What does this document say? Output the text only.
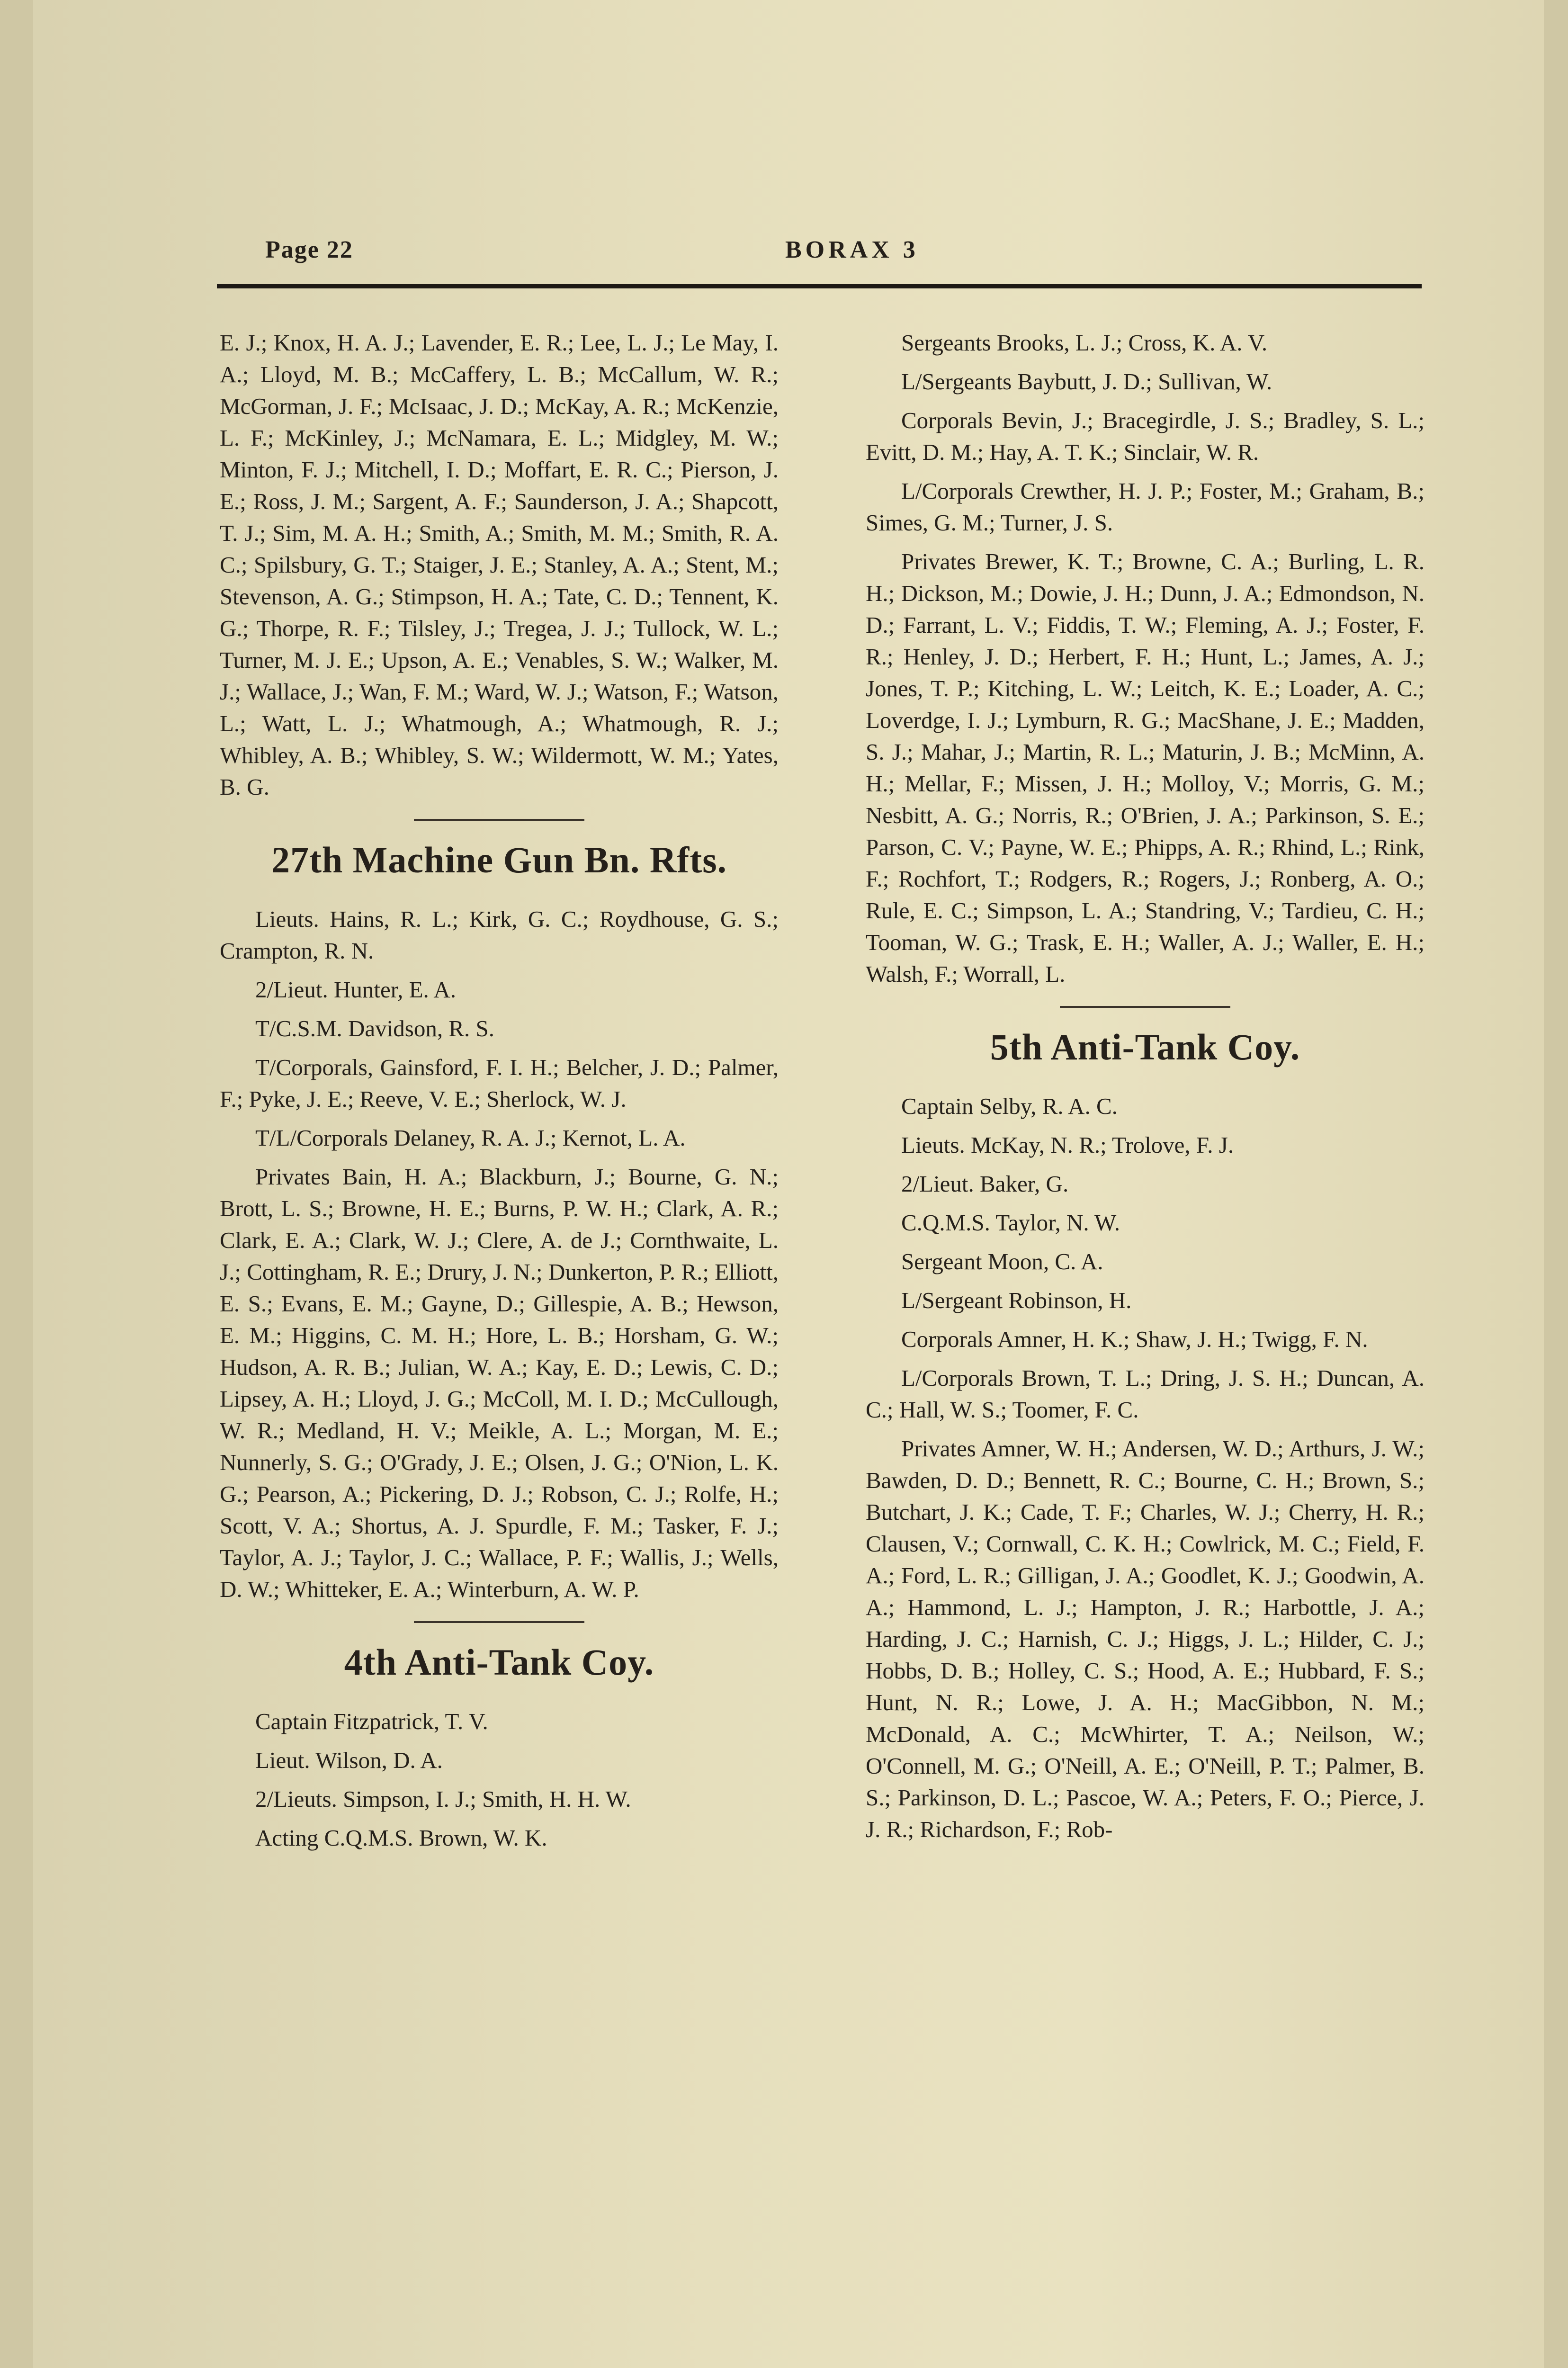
Page 22	BORAX 3

E. J.; Knox, H. A. J.; Lavender, E. R.; Lee, L. J.; Le May, I. A.; Lloyd, M. B.; McCaffery, L. B.; McCallum, W. R.; McGorman, J. F.; McIsaac, J. D.; McKay, A. R.; McKenzie, L. F.; McKinley, J.; McNamara, E. L.; Midgley, M. W.; Minton, F. J.; Mitchell, I. D.; Moffart, E. R. C.; Pierson, J. E.; Ross, J. M.; Sargent, A. F.; Saunderson, J. A.; Shapcott, T. J.; Sim, M. A. H.; Smith, A.; Smith, M. M.; Smith, R. A. C.; Spilsbury, G. T.; Staiger, J. E.; Stanley, A. A.; Stent, M.; Stevenson, A. G.; Stimpson, H. A.; Tate, C. D.; Tennent, K. G.; Thorpe, R. F.; Tilsley, J.; Tregea, J. J.; Tullock, W. L.; Turner, M. J. E.; Upson, A. E.; Venables, S. W.; Walker, M. J.; Wallace, J.; Wan, F. M.; Ward, W. J.; Watson, F.; Watson, L.; Watt, L. J.; Whatmough, A.; Whatmough, R. J.; Whibley, A. B.; Whibley, S. W.; Wildermott, W. M.; Yates, B. G.

27th Machine Gun Bn. Rfts.

Lieuts. Hains, R. L.; Kirk, G. C.; Roydhouse, G. S.; Crampton, R. N.

2/Lieut. Hunter, E. A.

T/C.S.M. Davidson, R. S.

T/Corporals, Gainsford, F. I. H.; Belcher, J. D.; Palmer, F.; Pyke, J. E.; Reeve, V. E.; Sherlock, W. J.

T/L/Corporals Delaney, R. A. J.; Kernot, L. A.

Privates Bain, H. A.; Blackburn, J.; Bourne, G. N.; Brott, L. S.; Browne, H. E.; Burns, P. W. H.; Clark, A. R.; Clark, E. A.; Clark, W. J.; Clere, A. de J.; Cornthwaite, L. J.; Cottingham, R. E.; Drury, J. N.; Dunkerton, P. R.; Elliott, E. S.; Evans, E. M.; Gayne, D.; Gillespie, A. B.; Hewson, E. M.; Higgins, C. M. H.; Hore, L. B.; Horsham, G. W.; Hudson, A. R. B.; Julian, W. A.; Kay, E. D.; Lewis, C. D.; Lipsey, A. H.; Lloyd, J. G.; McColl, M. I. D.; McCullough, W. R.; Medland, H. V.; Meikle, A. L.; Morgan, M. E.; Nunnerly, S. G.; O'Grady, J. E.; Olsen, J. G.; O'Nion, L. K. G.; Pearson, A.; Pickering, D. J.; Robson, C. J.; Rolfe, H.; Scott, V. A.; Shortus, A. J. Spurdle, F. M.; Tasker, F. J.; Taylor, A. J.; Taylor, J. C.; Wallace, P. F.; Wallis, J.; Wells, D. W.; Whitteker, E. A.; Winterburn, A. W. P.

4th Anti-Tank Coy.

Captain Fitzpatrick, T. V.

Lieut. Wilson, D. A.

2/Lieuts. Simpson, I. J.; Smith, H. H. W.

Acting C.Q.M.S. Brown, W. K.

Sergeants Brooks, L. J.; Cross, K. A. V.

L/Sergeants Baybutt, J. D.; Sullivan, W.

Corporals Bevin, J.; Bracegirdle, J. S.; Bradley, S. L.; Evitt, D. M.; Hay, A. T. K.; Sinclair, W. R.

L/Corporals Crewther, H. J. P.; Foster, M.; Graham, B.; Simes, G. M.; Turner, J. S.

Privates Brewer, K. T.; Browne, C. A.; Burling, L. R. H.; Dickson, M.; Dowie, J. H.; Dunn, J. A.; Edmondson, N. D.; Farrant, L. V.; Fiddis, T. W.; Fleming, A. J.; Foster, F. R.; Henley, J. D.; Herbert, F. H.; Hunt, L.; James, A. J.; Jones, T. P.; Kitching, L. W.; Leitch, K. E.; Loader, A. C.; Loverdge, I. J.; Lymburn, R. G.; MacShane, J. E.; Madden, S. J.; Mahar, J.; Martin, R. L.; Maturin, J. B.; McMinn, A. H.; Mellar, F.; Missen, J. H.; Molloy, V.; Morris, G. M.; Nesbitt, A. G.; Norris, R.; O'Brien, J. A.; Parkinson, S. E.; Parson, C. V.; Payne, W. E.; Phipps, A. R.; Rhind, L.; Rink, F.; Rochfort, T.; Rodgers, R.; Rogers, J.; Ronberg, A. O.; Rule, E. C.; Simpson, L. A.; Standring, V.; Tardieu, C. H.; Tooman, W. G.; Trask, E. H.; Waller, A. J.; Waller, E. H.; Walsh, F.; Worrall, L.

5th Anti-Tank Coy.

Captain Selby, R. A. C.

Lieuts. McKay, N. R.; Trolove, F. J.

2/Lieut. Baker, G.

C.Q.M.S. Taylor, N. W.

Sergeant Moon, C. A.

L/Sergeant Robinson, H.

Corporals Amner, H. K.; Shaw, J. H.; Twigg, F. N.

L/Corporals Brown, T. L.; Dring, J. S. H.; Duncan, A. C.; Hall, W. S.; Toomer, F. C.

Privates Amner, W. H.; Andersen, W. D.; Arthurs, J. W.; Bawden, D. D.; Bennett, R. C.; Bourne, C. H.; Brown, S.; Butchart, J. K.; Cade, T. F.; Charles, W. J.; Cherry, H. R.; Clausen, V.; Cornwall, C. K. H.; Cowlrick, M. C.; Field, F. A.; Ford, L. R.; Gilligan, J. A.; Goodlet, K. J.; Goodwin, A. A.; Hammond, L. J.; Hampton, J. R.; Harbottle, J. A.; Harding, J. C.; Harnish, C. J.; Higgs, J. L.; Hilder, C. J.; Hobbs, D. B.; Holley, C. S.; Hood, A. E.; Hubbard, F. S.; Hunt, N. R.; Lowe, J. A. H.; MacGibbon, N. M.; McDonald, A. C.; McWhirter, T. A.; Neilson, W.; O'Connell, M. G.; O'Neill, A. E.; O'Neill, P. T.; Palmer, B. S.; Parkinson, D. L.; Pascoe, W. A.; Peters, F. O.; Pierce, J. J. R.; Richardson, F.; Rob-
